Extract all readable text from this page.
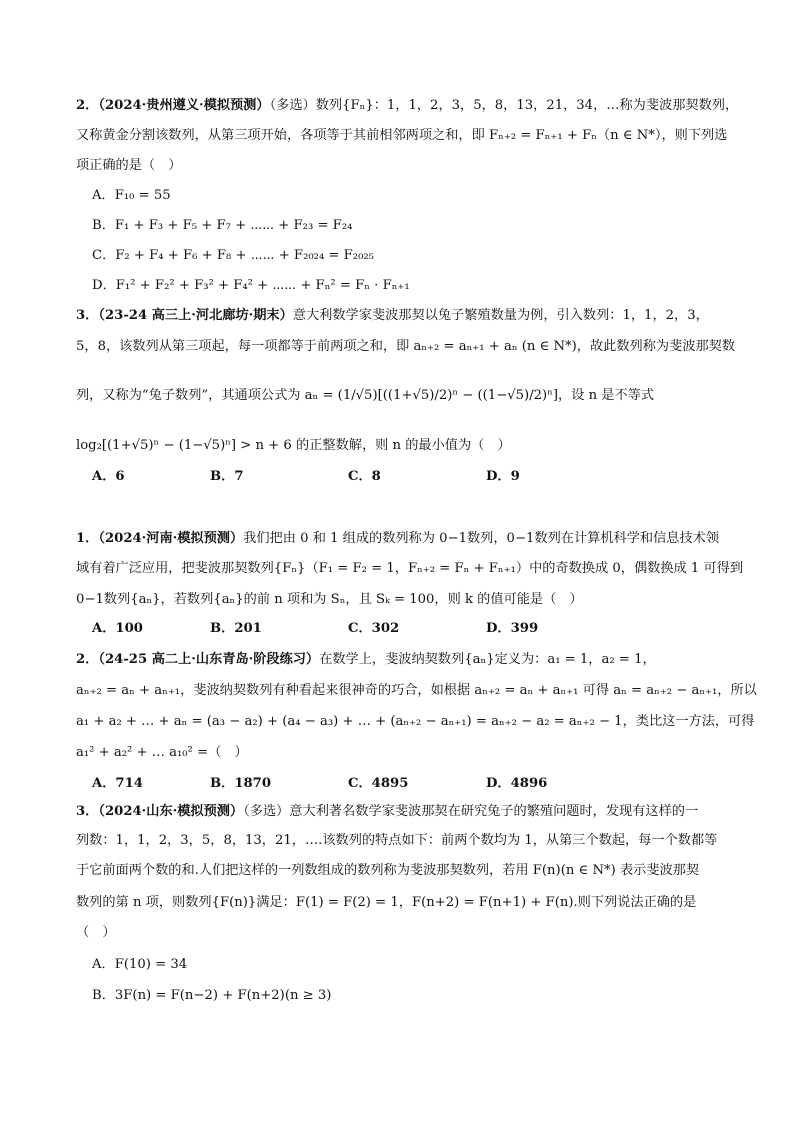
2．（2024·贵州遵义·模拟预测）（多选）数列{Fₙ}：1，1，2，3，5，8，13，21，34，…称为斐波那契数列，
又称黄金分割该数列，从第三项开始，各项等于其前相邻两项之和，即 Fₙ₊₂ = Fₙ₊₁ + Fₙ（n ∈ N*），则下列选
项正确的是（　）
A．F₁₀ = 55
B．F₁ + F₃ + F₅ + F₇ + ⋯⋯ + F₂₃ = F₂₄
C．F₂ + F₄ + F₆ + F₈ + ⋯⋯ + F₂₀₂₄ = F₂₀₂₅
D．F₁² + F₂² + F₃² + F₄² + ⋯⋯ + Fₙ² = Fₙ · Fₙ₊₁
3．（23-24 高三上·河北廊坊·期末）意大利数学家斐波那契以兔子繁殖数量为例，引入数列：1，1，2，3，
5，8，该数列从第三项起，每一项都等于前两项之和，即 aₙ₊₂ = aₙ₊₁ + aₙ (n ∈ N*)，故此数列称为斐波那契数
列，又称为“兔子数列”，其通项公式为 aₙ = (1/√5)[((1+√5)/2)ⁿ − ((1−√5)/2)ⁿ]，设 n 是不等式
log₂[(1+√5)ⁿ − (1−√5)ⁿ] > n + 6 的正整数解，则 n 的最小值为（　）
A．6	B．7	C．8	D．9
1．（2024·河南·模拟预测）我们把由 0 和 1 组成的数列称为 0−1数列，0−1数列在计算机科学和信息技术领
域有着广泛应用，把斐波那契数列{Fₙ}（F₁ = F₂ = 1，Fₙ₊₂ = Fₙ + Fₙ₊₁）中的奇数换成 0，偶数换成 1 可得到
0−1数列{aₙ}，若数列{aₙ}的前 n 项和为 Sₙ，且 Sₖ = 100，则 k 的值可能是（　）
A．100	B．201	C．302	D．399
2．（24-25 高二上·山东青岛·阶段练习）在数学上，斐波纳契数列{aₙ}定义为：a₁ = 1，a₂ = 1，
aₙ₊₂ = aₙ + aₙ₊₁，斐波纳契数列有种看起来很神奇的巧合，如根据 aₙ₊₂ = aₙ + aₙ₊₁ 可得 aₙ = aₙ₊₂ − aₙ₊₁，所以
a₁ + a₂ + … + aₙ = (a₃ − a₂) + (a₄ − a₃) + … + (aₙ₊₂ − aₙ₊₁) = aₙ₊₂ − a₂ = aₙ₊₂ − 1，类比这一方法，可得
a₁² + a₂² + … a₁₀² =（　）
A．714	B．1870	C．4895	D．4896
3．（2024·山东·模拟预测）（多选）意大利著名数学家斐波那契在研究兔子的繁殖问题时，发现有这样的一
列数：1，1，2，3，5，8，13，21，….该数列的特点如下：前两个数均为 1，从第三个数起，每一个数都等
于它前面两个数的和.人们把这样的一列数组成的数列称为斐波那契数列，若用 F(n)(n ∈ N*) 表示斐波那契
数列的第 n 项，则数列{F(n)}满足：F(1) = F(2) = 1，F(n+2) = F(n+1) + F(n).则下列说法正确的是
（　）
A．F(10) = 34
B．3F(n) = F(n−2) + F(n+2)(n ≥ 3)
